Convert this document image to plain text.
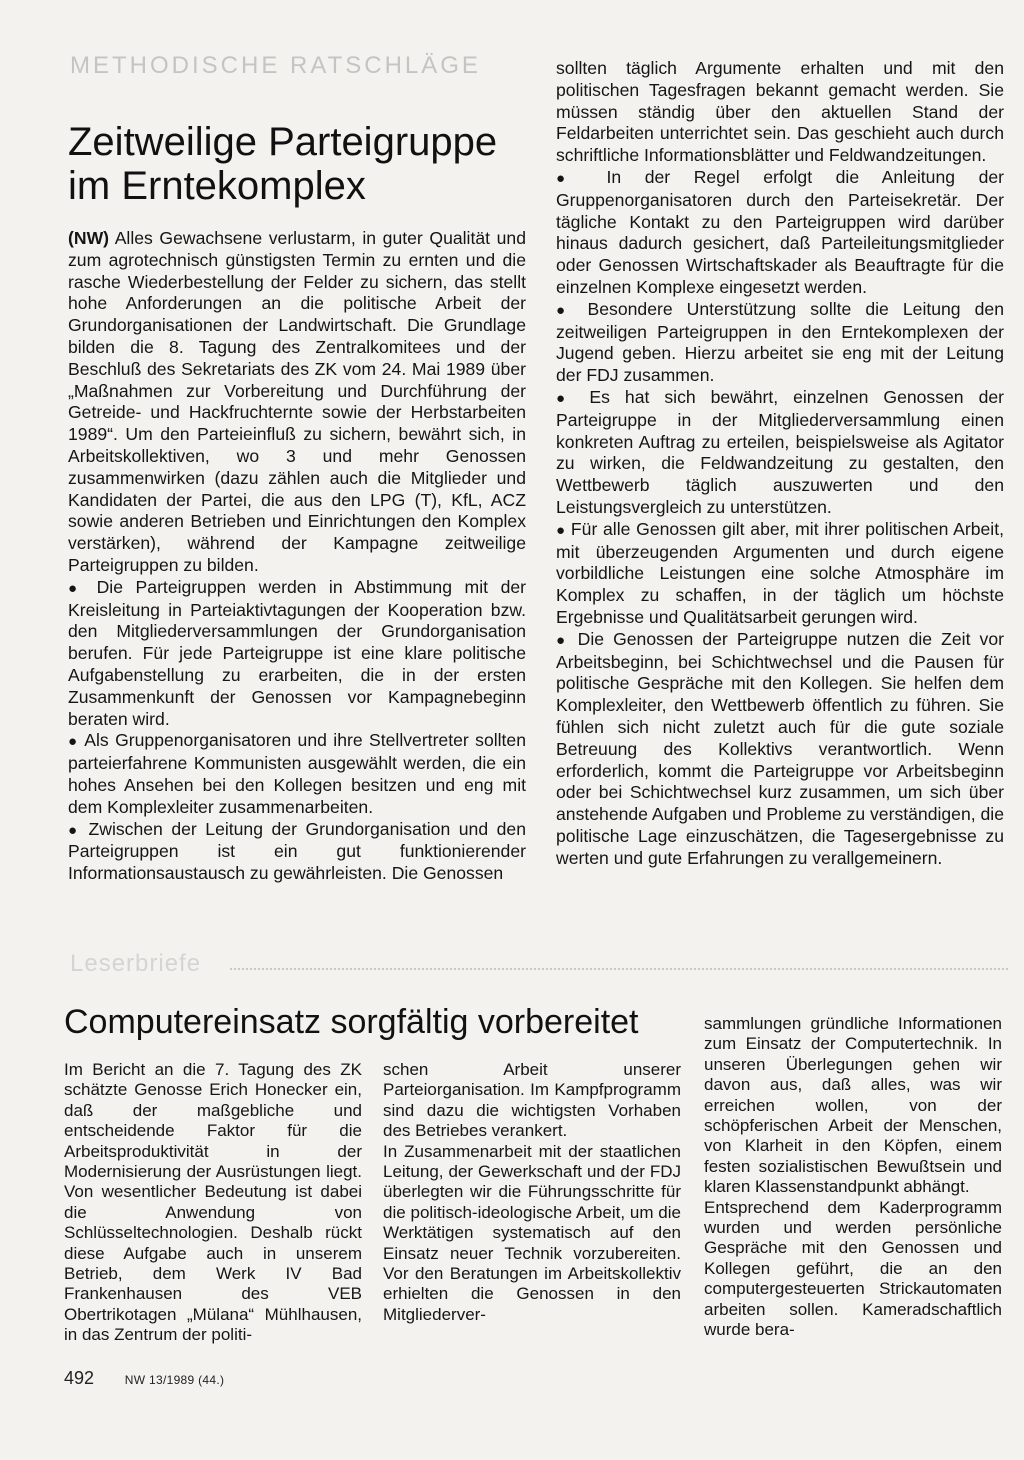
METHODISCHE RATSCHLÄGE
Zeitweilige Parteigruppe im Erntekomplex

(NW) Alles Gewachsene verlustarm, in guter Qualität und zum agrotechnisch günstigsten Termin zu ernten und die rasche Wiederbestellung der Felder zu sichern, das stellt hohe Anforderungen an die politische Arbeit der Grundorganisationen der Landwirtschaft. Die Grundlage bilden die 8. Tagung des Zentralkomitees und der Beschluß des Sekretariats des ZK vom 24. Mai 1989 über „Maßnahmen zur Vorbereitung und Durchführung der Getreide- und Hackfruchternte sowie der Herbstarbeiten 1989“. Um den Parteieinfluß zu sichern, bewährt sich, in Arbeitskollektiven, wo 3 und mehr Genossen zusammenwirken (dazu zählen auch die Mitglieder und Kandidaten der Partei, die aus den LPG (T), KfL, ACZ sowie anderen Betrieben und Einrichtungen den Komplex verstärken), während der Kampagne zeitweilige Parteigruppen zu bilden.

● Die Parteigruppen werden in Abstimmung mit der Kreisleitung in Parteiaktivtagungen der Kooperation bzw. den Mitgliederversammlungen der Grundorganisation berufen. Für jede Parteigruppe ist eine klare politische Aufgabenstellung zu erarbeiten, die in der ersten Zusammenkunft der Genossen vor Kampagnebeginn beraten wird.

● Als Gruppenorganisatoren und ihre Stellvertreter sollten parteierfahrene Kommunisten ausgewählt werden, die ein hohes Ansehen bei den Kollegen besitzen und eng mit dem Komplexleiter zusammenarbeiten.

● Zwischen der Leitung der Grundorganisation und den Parteigruppen ist ein gut funktionierender Informationsaustausch zu gewährleisten. Die Genossen

sollten täglich Argumente erhalten und mit den politischen Tagesfragen bekannt gemacht werden. Sie müssen ständig über den aktuellen Stand der Feldarbeiten unterrichtet sein. Das geschieht auch durch schriftliche Informationsblätter und Feldwandzeitungen.

● In der Regel erfolgt die Anleitung der Gruppenorganisatoren durch den Parteisekretär. Der tägliche Kontakt zu den Parteigruppen wird darüber hinaus dadurch gesichert, daß Parteileitungsmitglieder oder Genossen Wirtschaftskader als Beauftragte für die einzelnen Komplexe eingesetzt werden.

● Besondere Unterstützung sollte die Leitung den zeitweiligen Parteigruppen in den Erntekomplexen der Jugend geben. Hierzu arbeitet sie eng mit der Leitung der FDJ zusammen.

● Es hat sich bewährt, einzelnen Genossen der Parteigruppe in der Mitgliederversammlung einen konkreten Auftrag zu erteilen, beispielsweise als Agitator zu wirken, die Feldwandzeitung zu gestalten, den Wettbewerb täglich auszuwerten und den Leistungsvergleich zu unterstützen.

● Für alle Genossen gilt aber, mit ihrer politischen Arbeit, mit überzeugenden Argumenten und durch eigene vorbildliche Leistungen eine solche Atmosphäre im Komplex zu schaffen, in der täglich um höchste Ergebnisse und Qualitätsarbeit gerungen wird.

● Die Genossen der Parteigruppe nutzen die Zeit vor Arbeitsbeginn, bei Schichtwechsel und die Pausen für politische Gespräche mit den Kollegen. Sie helfen dem Komplexleiter, den Wettbewerb öffentlich zu führen. Sie fühlen sich nicht zuletzt auch für die gute soziale Betreuung des Kollektivs verantwortlich. Wenn erforderlich, kommt die Parteigruppe vor Arbeitsbeginn oder bei Schichtwechsel kurz zusammen, um sich über anstehende Aufgaben und Probleme zu verständigen, die politische Lage einzuschätzen, die Tagesergebnisse zu werten und gute Erfahrungen zu verallgemeinern.

Leserbriefe
Computereinsatz sorgfältig vorbereitet

Im Bericht an die 7. Tagung des ZK schätzte Genosse Erich Honecker ein, daß der maßgebliche und entscheidende Faktor für die Arbeitsproduktivität in der Modernisierung der Ausrüstungen liegt. Von wesentlicher Bedeutung ist dabei die Anwendung von Schlüsseltechnologien. Deshalb rückt diese Aufgabe auch in unserem Betrieb, dem Werk IV Bad Frankenhausen des VEB Obertrikotagen „Mülana“ Mühlhausen, in das Zentrum der politi-

schen Arbeit unserer Parteiorganisation. Im Kampfprogramm sind dazu die wichtigsten Vorhaben des Betriebes verankert.

In Zusammenarbeit mit der staatlichen Leitung, der Gewerkschaft und der FDJ überlegten wir die Führungsschritte für die politisch-ideologische Arbeit, um die Werktätigen systematisch auf den Einsatz neuer Technik vorzubereiten. Vor den Beratungen im Arbeitskollektiv erhielten die Genossen in den Mitgliederver-

sammlungen gründliche Informationen zum Einsatz der Computertechnik. In unseren Überlegungen gehen wir davon aus, daß alles, was wir erreichen wollen, von der schöpferischen Arbeit der Menschen, von Klarheit in den Köpfen, einem festen sozialistischen Bewußtsein und klaren Klassenstandpunkt abhängt.

Entsprechend dem Kaderprogramm wurden und werden persönliche Gespräche mit den Genossen und Kollegen geführt, die an den computergesteuerten Strickautomaten arbeiten sollen. Kameradschaftlich wurde bera-

492	NW 13/1989 (44.)
